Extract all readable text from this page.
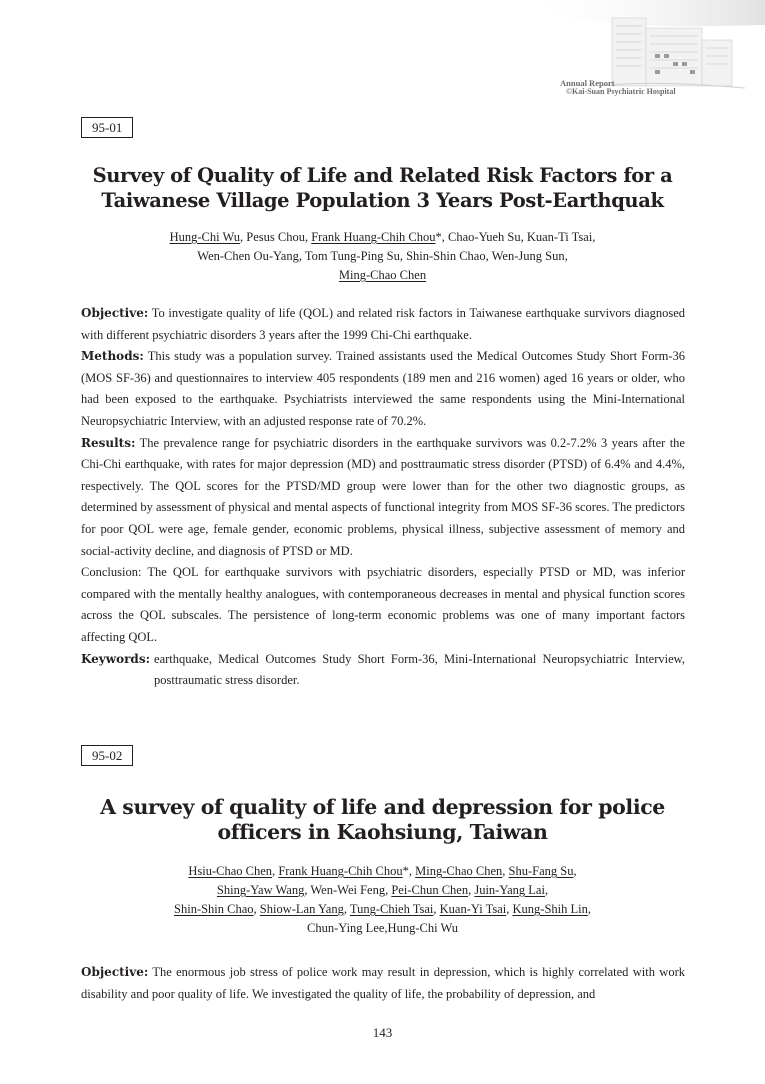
Annual Report
©Kai-Suan Psychiatric Hospital
95-01
Survey of Quality of Life and Related Risk Factors for a
Taiwanese Village Population 3 Years Post-Earthquak
Hung-Chi Wu, Pesus Chou, Frank Huang-Chih Chou*, Chao-Yueh Su, Kuan-Ti Tsai,
Wen-Chen Ou-Yang, Tom Tung-Ping Su, Shin-Shin Chao, Wen-Jung Sun,
Ming-Chao Chen

Objective: To investigate quality of life (QOL) and related risk factors in Taiwanese earthquake survivors diagnosed with different psychiatric disorders 3 years after the 1999 Chi-Chi earthquake.

Methods: This study was a population survey. Trained assistants used the Medical Outcomes Study Short Form-36 (MOS SF-36) and questionnaires to interview 405 respondents (189 men and 216 women) aged 16 years or older, who had been exposed to the earthquake. Psychiatrists interviewed the same respondents using the Mini-International Neuropsychiatric Interview, with an adjusted response rate of 70.2%.

Results: The prevalence range for psychiatric disorders in the earthquake survivors was 0.2-7.2% 3 years after the Chi-Chi earthquake, with rates for major depression (MD) and posttraumatic stress disorder (PTSD) of 6.4% and 4.4%, respectively. The QOL scores for the PTSD/MD group were lower than for the other two diagnostic groups, as determined by assessment of physical and mental aspects of functional integrity from MOS SF-36 scores. The predictors for poor QOL were age, female gender, economic problems, physical illness, subjective assessment of memory and social-activity decline, and diagnosis of PTSD or MD.

Conclusion: The QOL for earthquake survivors with psychiatric disorders, especially PTSD or MD, was inferior compared with the mentally healthy analogues, with contemporaneous decreases in mental and physical function scores across the QOL subscales. The persistence of long-term economic problems was one of many important factors affecting QOL.

Keywords: earthquake, Medical Outcomes Study Short Form-36, Mini-International Neuropsychiatric Interview, posttraumatic stress disorder.
95-02
A survey of quality of life and depression for police
officers in Kaohsiung, Taiwan
Hsiu-Chao Chen, Frank Huang-Chih Chou*, Ming-Chao Chen, Shu-Fang Su,
Shing-Yaw Wang, Wen-Wei Feng, Pei-Chun Chen, Juin-Yang Lai,
Shin-Shin Chao, Shiow-Lan Yang, Tung-Chieh Tsai, Kuan-Yi Tsai, Kung-Shih Lin,
Chun-Ying Lee,Hung-Chi Wu

Objective: The enormous job stress of police work may result in depression, which is highly correlated with work disability and poor quality of life. We investigated the quality of life, the probability of depression, and

143
